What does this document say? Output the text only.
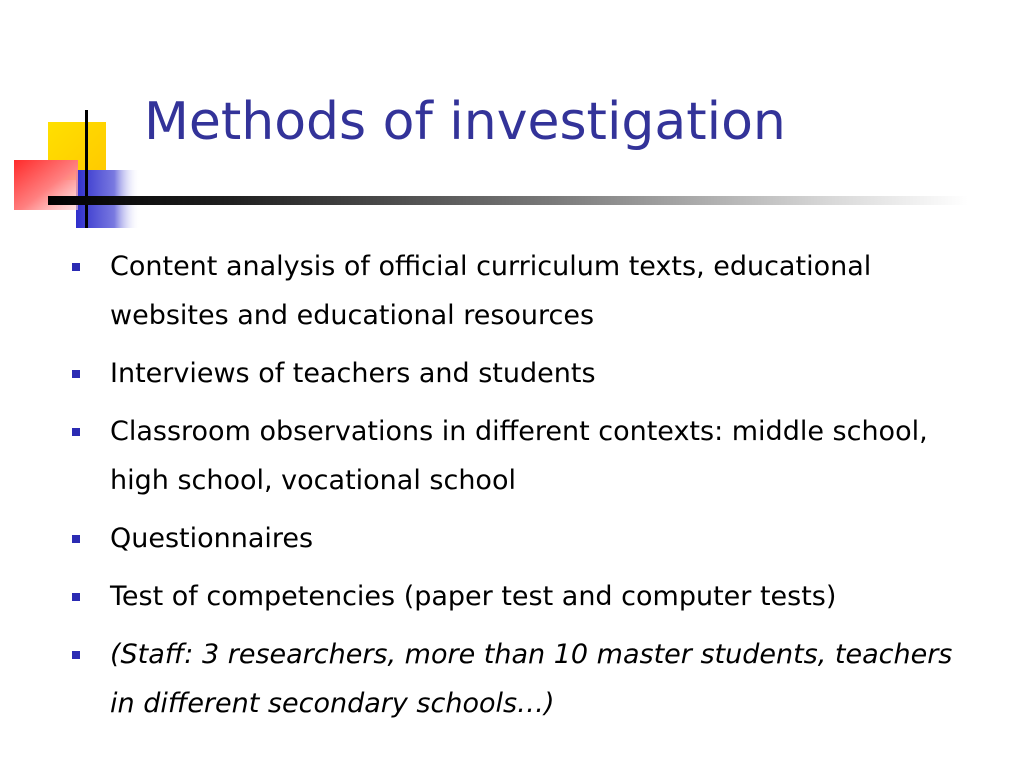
Methods of investigation
Content analysis of official curriculum texts, educational websites and educational resources
Interviews of teachers and students
Classroom observations in different contexts: middle school, high school, vocational school
Questionnaires
Test of competencies (paper test and computer tests)
(Staff: 3 researchers, more than 10 master students, teachers in different secondary schools…)
